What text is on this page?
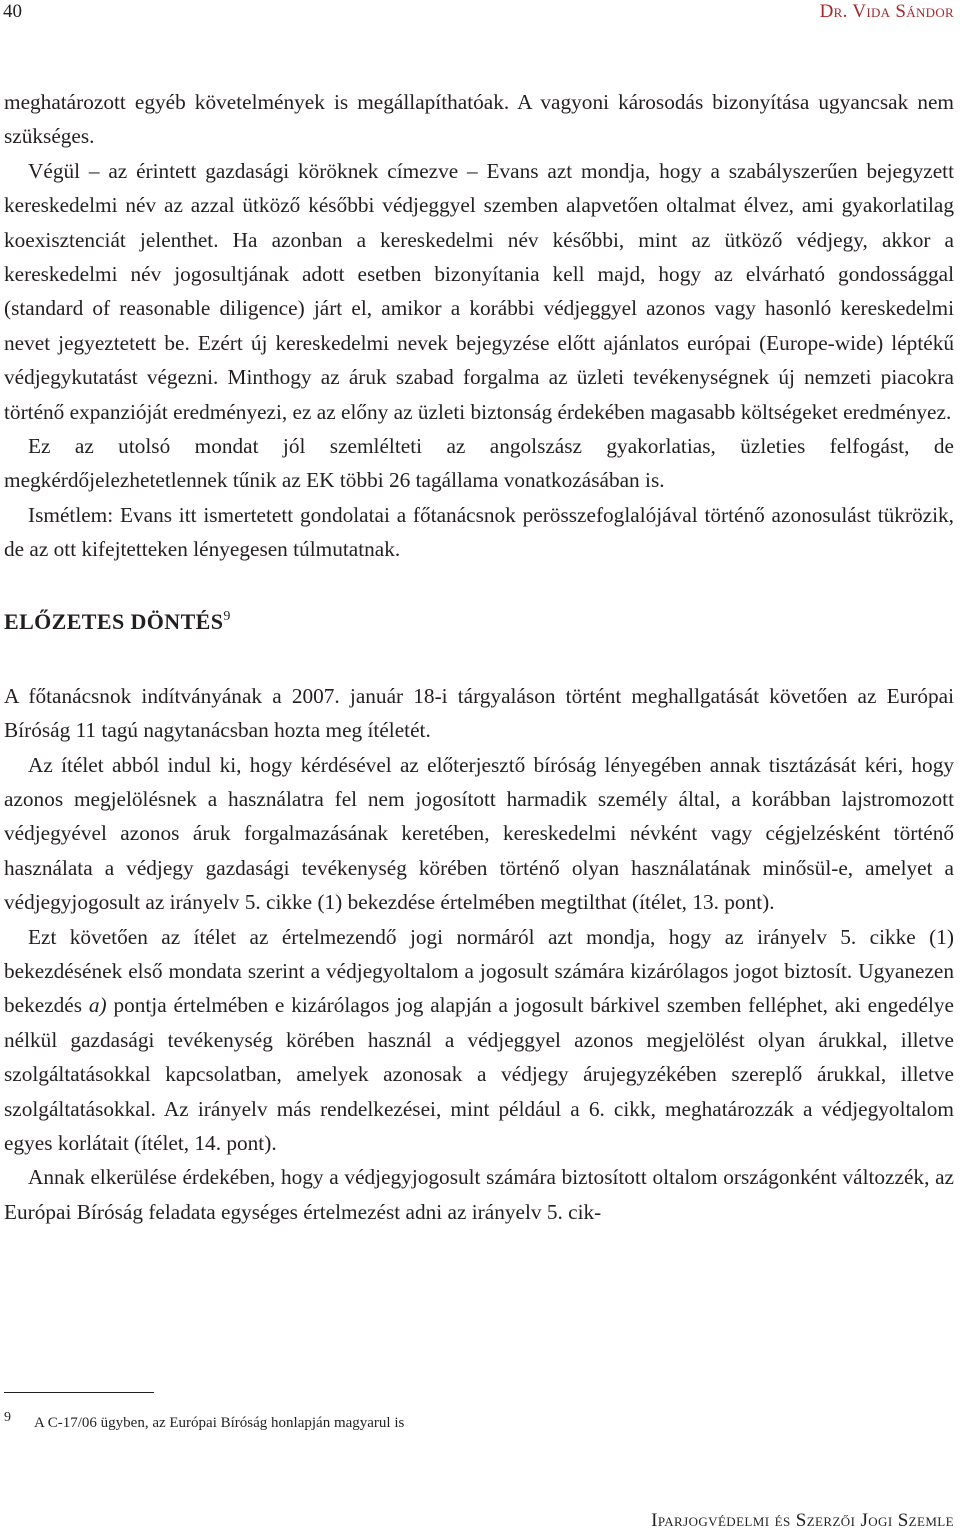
40	Dr. Vida Sándor

meghatározott egyéb követelmények is megállapíthatóak. A vagyoni károsodás bizonyítása ugyancsak nem szükséges.

Végül – az érintett gazdasági köröknek címezve – Evans azt mondja, hogy a szabályszerűen bejegyzett kereskedelmi név az azzal ütköző későbbi védjeggyel szemben alapvetően oltalmat élvez, ami gyakorlatilag koexisztenciát jelenthet. Ha azonban a kereskedelmi név későbbi, mint az ütköző védjegy, akkor a kereskedelmi név jogosultjának adott esetben bizonyítania kell majd, hogy az elvárható gondossággal (standard of reasonable diligence) járt el, amikor a korábbi védjeggyel azonos vagy hasonló kereskedelmi nevet jegyeztetett be. Ezért új kereskedelmi nevek bejegyzése előtt ajánlatos európai (Europe-wide) léptékű védjegykutatást végezni. Minthogy az áruk szabad forgalma az üzleti tevékenységnek új nemzeti piacokra történő expanzióját eredményezi, ez az előny az üzleti biztonság érdekében magasabb költségeket eredményez.

Ez az utolsó mondat jól szemlélteti az angolszász gyakorlatias, üzleties felfogást, de megkérdőjelezhetetlennek tűnik az EK többi 26 tagállama vonatkozásában is.

Ismétlem: Evans itt ismertetett gondolatai a főtanácsnok perösszefoglalójával történő azonosulást tükrözik, de az ott kifejtetteken lényegesen túlmutatnak.

ELŐZETES DÖNTÉS$^9$

A főtanácsnok indítványának a 2007. január 18-i tárgyaláson történt meghallgatását követően az Európai Bíróság 11 tagú nagytanácsban hozta meg ítéletét.

Az ítélet abból indul ki, hogy kérdésével az előterjesztő bíróság lényegében annak tisztázását kéri, hogy azonos megjelölésnek a használatra fel nem jogosított harmadik személy által, a korábban lajstromozott védjegyével azonos áruk forgalmazásának keretében, kereskedelmi névként vagy cégjelzésként történő használata a védjegy gazdasági tevékenység körében történő olyan használatának minősül-e, amelyet a védjegyjogosult az irányelv 5. cikke (1) bekezdése értelmében megtilthat (ítélet, 13. pont).

Ezt követően az ítélet az értelmezendő jogi normáról azt mondja, hogy az irányelv 5. cikke (1) bekezdésének első mondata szerint a védjegyoltalom a jogosult számára kizárólagos jogot biztosít. Ugyanezen bekezdés a) pontja értelmében e kizárólagos jog alapján a jogosult bárkivel szemben felléphet, aki engedélye nélkül gazdasági tevékenység körében használ a védjeggyel azonos megjelölést olyan árukkal, illetve szolgáltatásokkal kapcsolatban, amelyek azonosak a védjegy árujegyzékében szereplő árukkal, illetve szolgáltatásokkal. Az irányelv más rendelkezései, mint például a 6. cikk, meghatározzák a védjegyoltalom egyes korlátait (ítélet, 14. pont).

Annak elkerülése érdekében, hogy a védjegyjogosult számára biztosított oltalom országonként változzék, az Európai Bíróság feladata egységes értelmezést adni az irányelv 5. cik-

9 A C-17/06 ügyben, az Európai Bíróság honlapján magyarul is
Iparjogvédelmi és Szerzői Jogi Szemle
